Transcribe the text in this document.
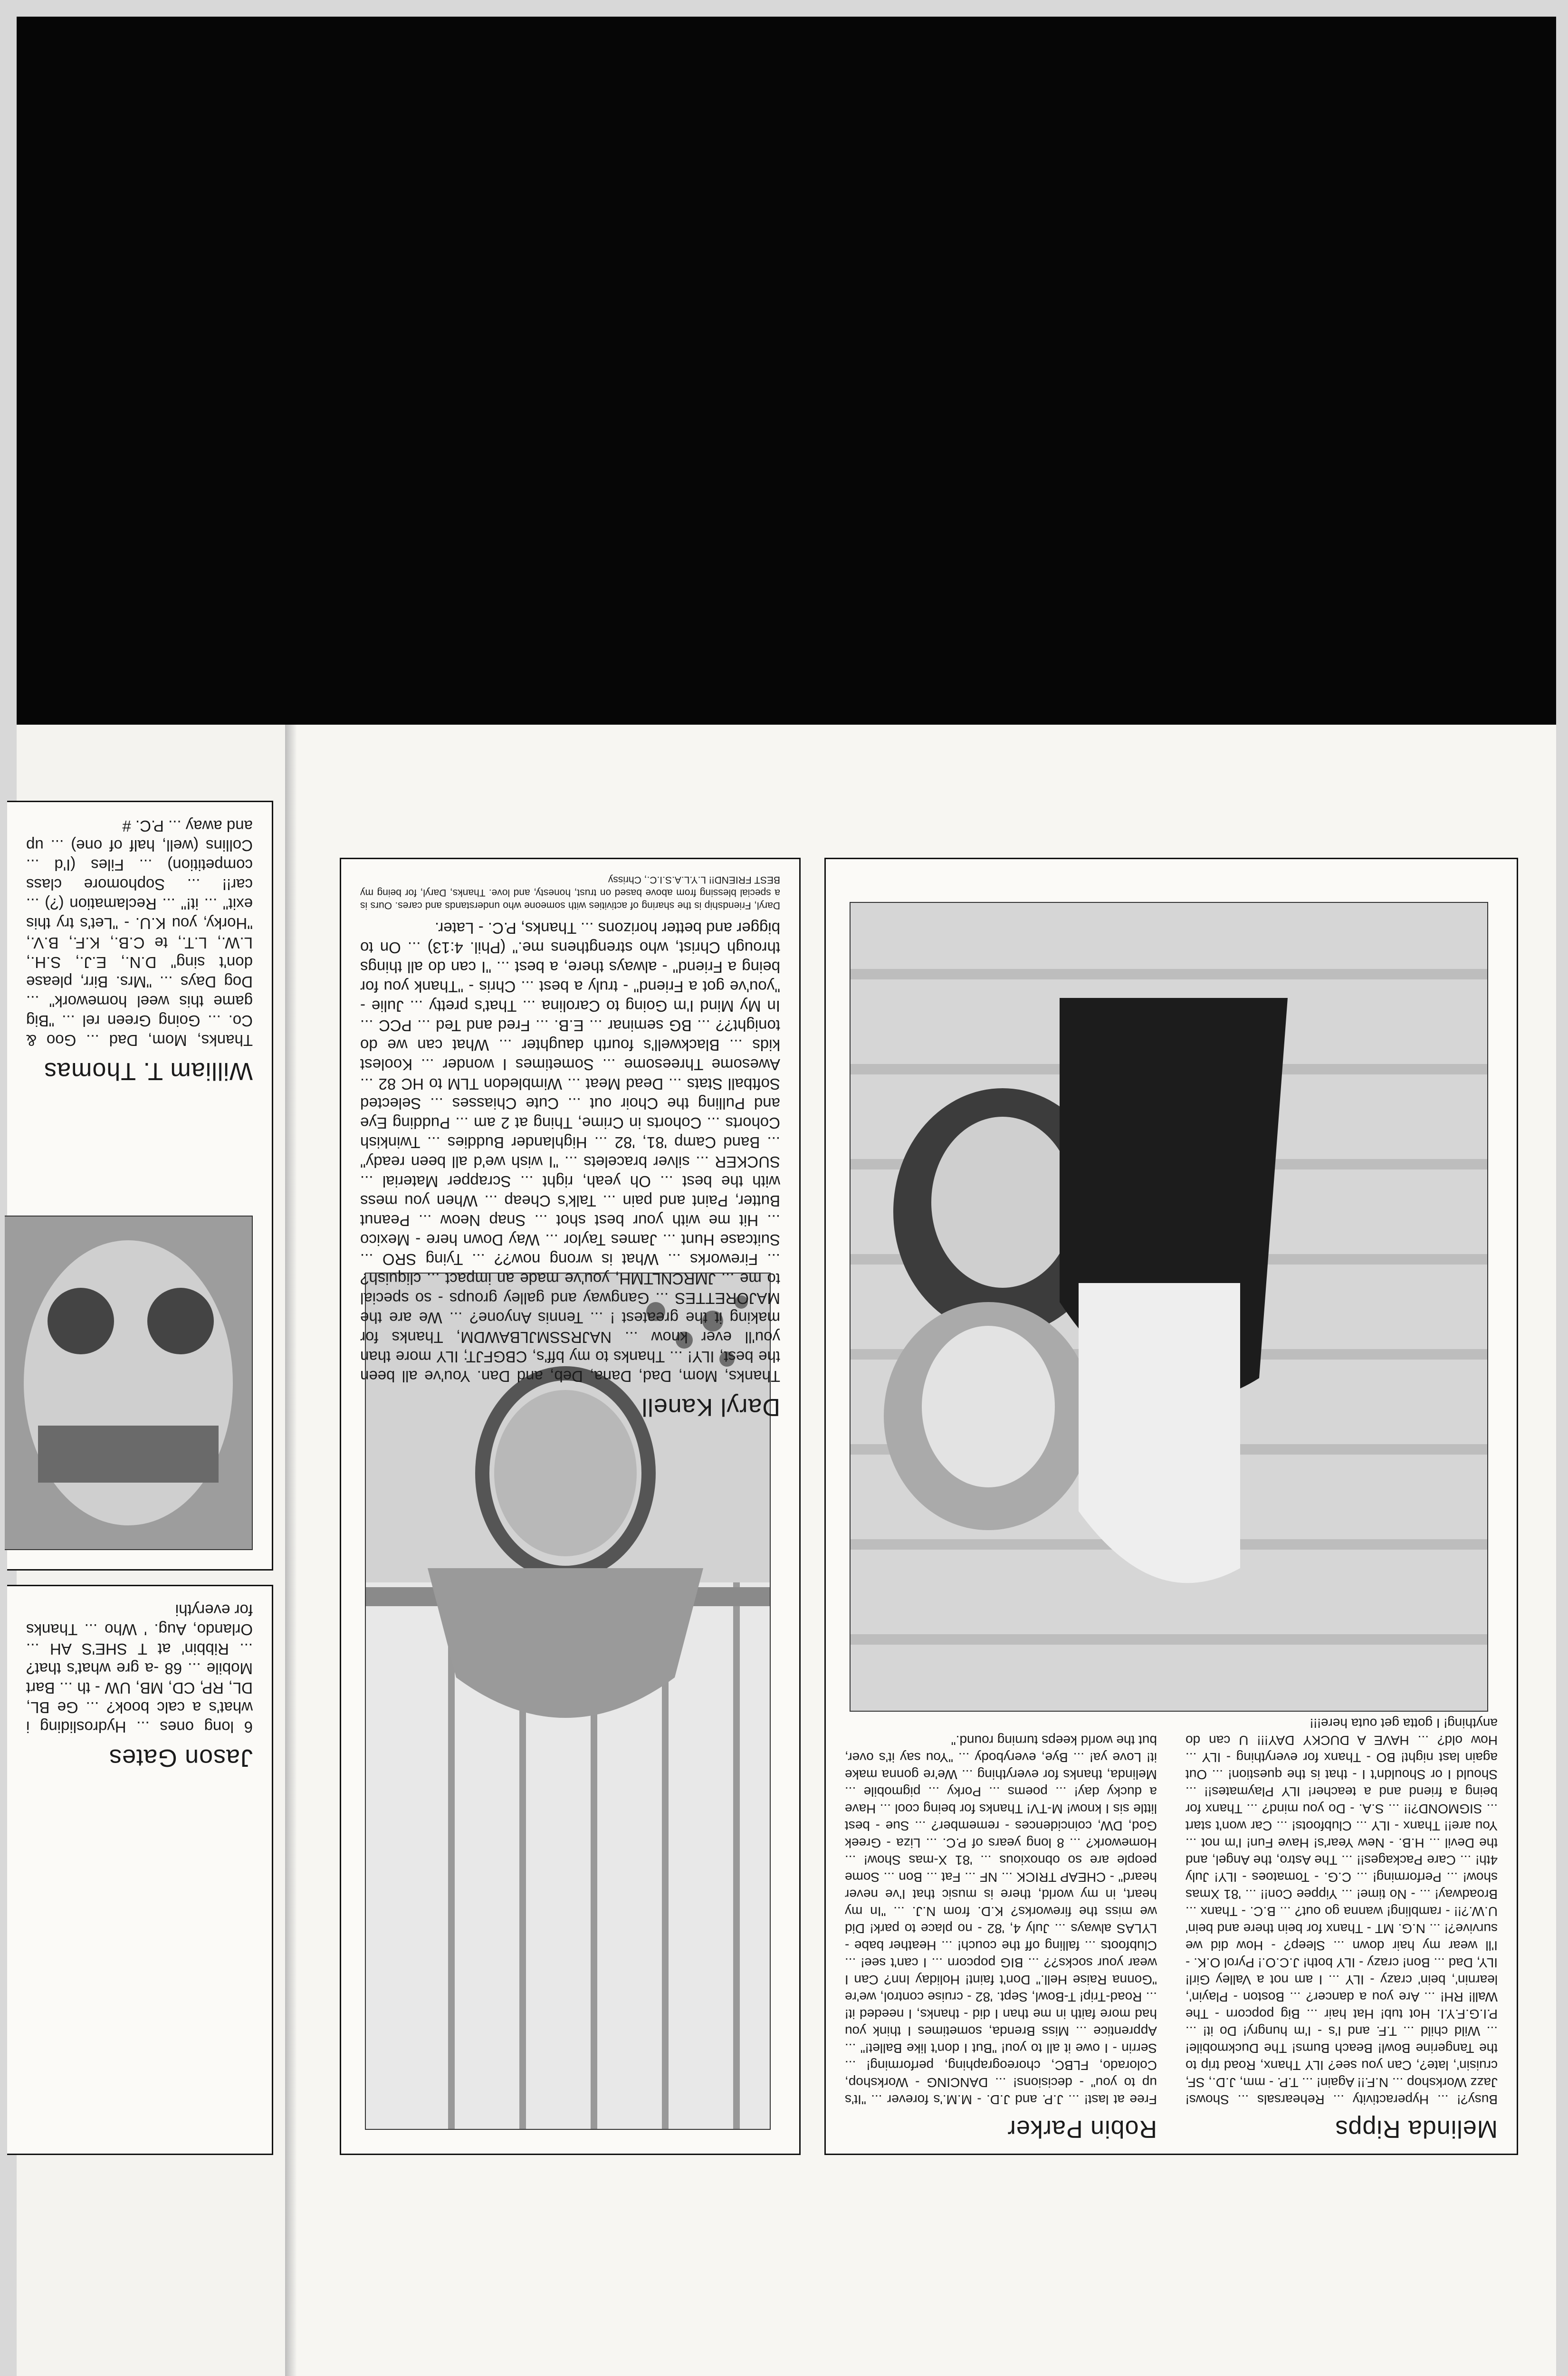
Daryl Kanell

Thanks, Mom, Dad, Dana, Deb, and Dan. You've all been the best, ILY! ... Thanks to my bff's, CBGFJT; ILY more than you'll ever know ... NAJRSSMJLBAWDM, Thanks for making it the greatest ! ... Tennis Anyone? ... We are the MAJORETTES ... Gangway and galley groups - so special to me ... JMRCNLTMH, you've made an impact ... cliquish? ... Fireworks ... What is wrong now?? ... Tying SRO ... Suitcase Hunt ... James Taylor ... Way Down here - Mexico ... Hit me with your best shot ... Snap Neow ... Peanut Butter, Paint and pain ... Talk's Cheap ... When you mess with the best ... Oh yeah, right ... Scrapper Material ... SUCKER ... silver bracelets ... "I wish we'd all been ready" ... Band Camp '81, '82 ... Highlander Buddies ... Twinkish Cohorts ... Cohorts in Crime, Thing at 2 am ... Pudding Eye and Pulling the Choir out ... Cute Chiasses ... Selected Softball Stats ... Dead Meat ... Wimbledon TLM to HC 82 ... Awesome Threesome ... Sometimes I wonder ... Koolest kids ... Blackwell's fourth daughter ... What can we do tonight?? ... BG seminar ... E.B. ... Fred and Ted ... PCC ... In My Mind I'm Going to Carolina ... That's pretty ... Julie - "you've got a Friend" - truly a best ... Chris - "Thank you for being a Friend" - always there, a best ... "I can do all things through Christ, who strengthens me." (Phil. 4:13) ... On to bigger and better horizons ... Thanks, P.C. - Later.

Daryl, Friendship is the sharing of activities with someone who understands and cares. Ours is a special blessing from above based on trust, honesty, and love. Thanks, Daryl, for being my BEST FRIEND!! L.Y.L.A.S.I.C., Chrissy

Melinda Ripps

Busy?! ... Hyperactivity ... Rehearsals ... Shows! Jazz Workshop ... N.F.!! Again! ... T.P. - mm, J.D., SF, cruisin', late?, Can you see? ILY Thanx, Road trip to the Tangerine Bowl! Beach Bums! The Duckmobile! ... Wild child ... T.F. and I's - I'm hungry! Do it! ... P.I.G.F.Y.I. Hot tub! Hat hair ... Big popcorn - The Wall! RH! ... Are you a dancer? ... Boston - Playin', learnin', bein' crazy - ILY ... I am not a Valley Girl! ILY, Dad ... Bon! crazy - ILY both! J.C.O.! Pyrol O.K. - I'll wear my hair down ... Sleep? - How did we survive?! ... N.G. MT - Thanx for bein there and bein' U.W.?!! - rambling! wanna go out? ... B.C. - Thanx ... Broadway! ... - No time! ... Yippee Con!! ... '81 Xmas show! ... Performing! ... C.G. - Tomatoes - ILY! July 4th! ... Care Packages!! ... The Astro, the Angel, and the Devil ... H.B. - New Year's! Have Fun! I'm not ... You are!! Thanx - ILY ... Clubfoots! ... Car won't start ... SIGMOND?!! ... S.A. - Do you mind? ... Thanx for being a friend and a teacher! ILY Playmates!! ... Should I or Shouldn't I - that is the question! ... Out again last night! BO - Thanx for everything - ILY ... How old? ... HAVE A DUCKY DAY!!! U can do anything! I gotta get outa here!!!

Robin Parker

Free at last! ... J.P. and J.D. - M.M.'s forever ... "It's up to you" - decisions! ... DANCING - Workshop, Colorado, FLBC, choreographing, performing! ... Serrin - I owe it all to you! "But I don't like Ballet!" ... Apprentice ... Miss Brenda, sometimes I think you had more faith in me than I did - thanks, I needed it! ... Road-Trip! T-Bowl, Sept. '82 - cruise control, we're "Gonna Raise Hell." Don't faint! Holiday Inn? Can I wear your socks?? ... BIG popcorn ... I can't see! ... Clubfoots ... falling off the couch! ... Heather babe - LYLAS always ... July 4, '82 - no place to park! Did we miss the fireworks? K.D. from N.J. ... "In my heart, in my world, there is music that I've never heard" - CHEAP TRICK ... NF ... Fat ... Bon ... Some people are so obnoxious ... '81 X-mas Show! ... Homework? ... 8 long years of P.C. ... Liza - Greek God, DW, coincidences - remember? ... Sue - best little sis I know! M-TV! Thanks for being cool ... Have a ducky day! ... poems ... Porky ... pigmobile ... Melinda, thanks for everything ... We're gonna make it! Love ya! ... Bye, everybody ... "You say it's over, but the world keeps turning round."

Jason Gates

6 long ones ... Hydrosliding i what's a calc book? ... Ge BL, DL, RP, CD, MB, UW - th ... Bart Mobile ... 68 -a gre what's that? ... Ribbin' at T SHE'S AH ... Orlando, Aug. ' Who ... Thanks for everythi

William T. Thomas

Thanks, Mom, Dad ... Goo & Co. ... Going Green rel ... "Big game this weel homework" ... Dog Days ... "Mrs. Birr, please don't sing" D.N., E.J., S.H., L.W., L.T., te C.B., K.F., B.V., "Horky, you K.U. - "Let's try this exit" ... it!" ... Reclamation (?) ... car!! ... Sophomore class competition) ... Files (I'd ... Collins (well, half of one) ... up and away ... P.C. #
